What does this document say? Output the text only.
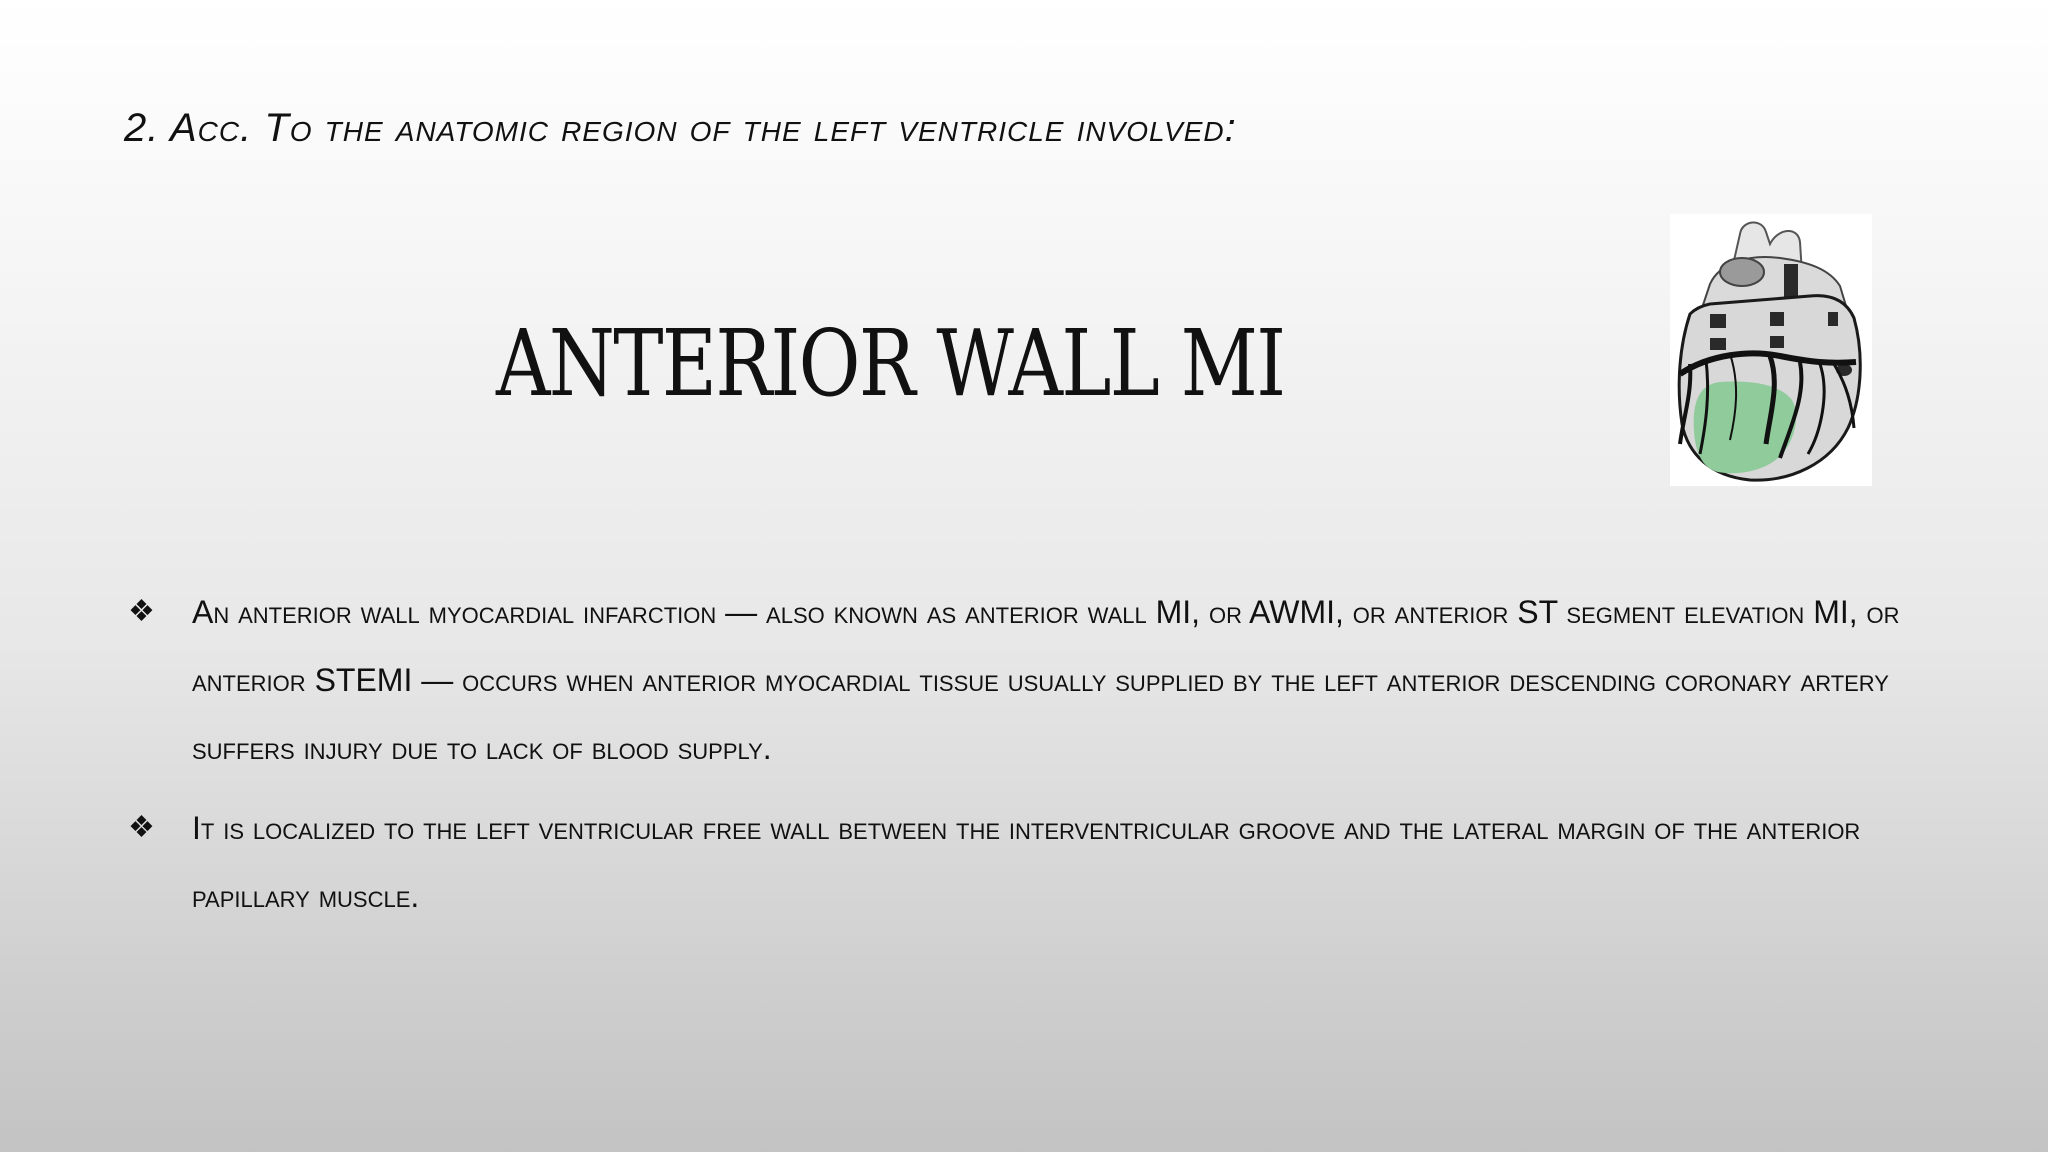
2. Acc. To the anatomic region of the left ventricle involved:
ANTERIOR WALL MI
❖ An anterior wall myocardial infarction — also known as anterior wall MI, or AWMI, or anterior ST segment elevation MI, or anterior STEMI — occurs when anterior myocardial tissue usually supplied by the left anterior descending coronary artery suffers injury due to lack of blood supply.
❖ It is localized to the left ventricular free wall between the interventricular groove and the lateral margin of the anterior papillary muscle.
